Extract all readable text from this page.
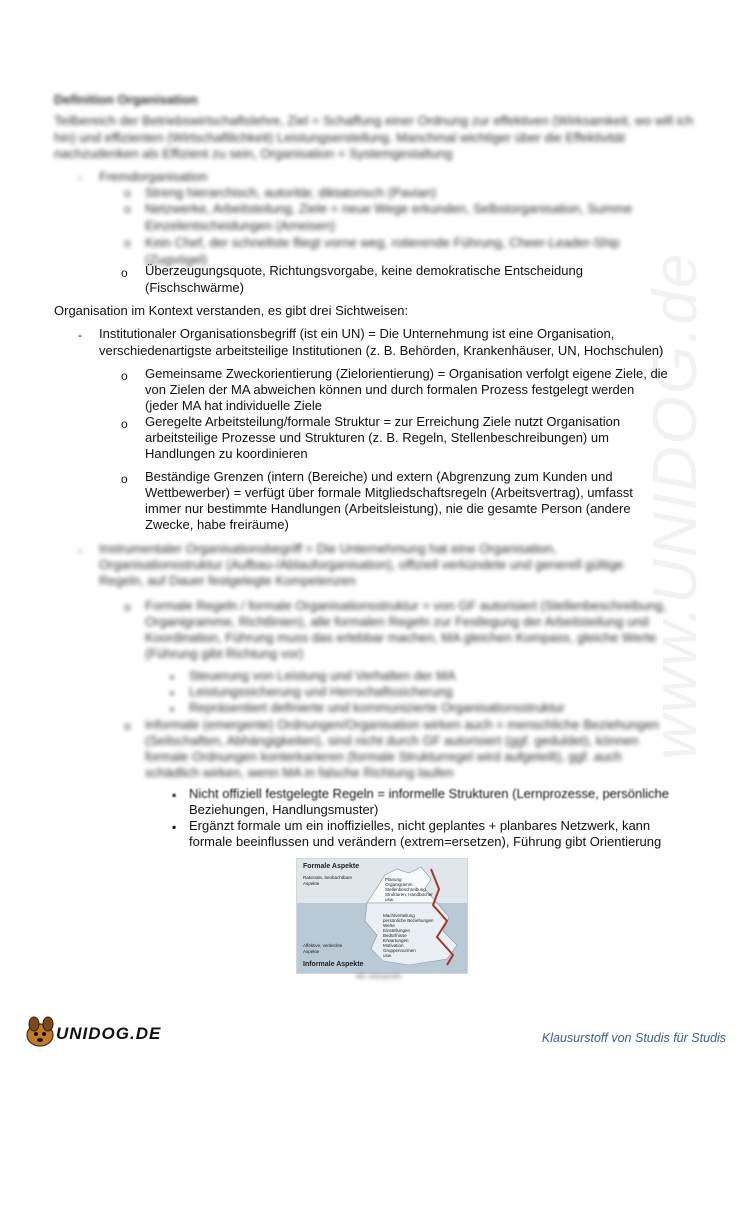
www.UNIDOG.de
Definition Organisation
Teilbereich der Betriebswirtschaftslehre, Ziel = Schaffung einer Ordnung zur effektiven (Wirksamkeit, wo will ich hin) und effizienten (Wirtschaftlichkeit) Leistungserstellung. Manchmal wichtiger über die Effektivität nachzudenken als Effizient zu sein, Organisation = Systemgestaltung
- Fremdorganisation
o Streng hierarchisch, autoritär, diktatorisch (Pavian)
o Netzwerke, Arbeitsteilung, Ziele = neue Wege erkunden, Selbstorganisation, Summe Einzelentscheidungen (Ameisen)
o Kein Chef, der schnellste fliegt vorne weg, rotierende Führung, Cheer-Leader-Ship (Zugvögel)
o Überzeugungsquote, Richtungsvorgabe, keine demokratische Entscheidung
(Fischschwärme)
Organisation im Kontext verstanden, es gibt drei Sichtweisen:
- Institutionaler Organisationsbegriff (ist ein UN) = Die Unternehmung ist eine Organisation,
verschiedenartigste arbeitsteilige Institutionen (z. B. Behörden, Krankenhäuser, UN, Hochschulen)
o Gemeinsame Zweckorientierung (Zielorientierung) = Organisation verfolgt eigene Ziele, die
von Zielen der MA abweichen können und durch formalen Prozess festgelegt werden
(jeder MA hat individuelle Ziele
o Geregelte Arbeitsteilung/formale Struktur = zur Erreichung Ziele nutzt Organisation
arbeitsteilige Prozesse und Strukturen (z. B. Regeln, Stellenbeschreibungen) um
Handlungen zu koordinieren
o Beständige Grenzen (intern (Bereiche) und extern (Abgrenzung zum Kunden und
Wettbewerber) = verfügt über formale Mitgliedschaftsregeln (Arbeitsvertrag), umfasst
immer nur bestimmte Handlungen (Arbeitsleistung), nie die gesamte Person (andere
Zwecke, habe freiräume)
- Instrumentaler Organisationsbegriff = Die Unternehmung hat eine Organisation,
Organisationsstruktur (Aufbau-/Ablauforganisation), offiziell verkündete und generell gültige
Regeln, auf Dauer festgelegte Kompetenzen
o Formale Regeln / formale Organisationsstruktur = von GF autorisiert (Stellenbeschreibung,
Organigramme, Richtlinien), alle formalen Regeln zur Festlegung der Arbeitsteilung und
Koordination, Führung muss das erlebbar machen, MA gleichen Kompass, gleiche Werte
(Führung gibt Richtung vor)
▪ Steuerung von Leistung und Verhalten der MA
▪ Leistungssicherung und Herrschaftssicherung
▪ Repräsentiert definierte und kommunizierte Organisationsstruktur
o Informale (emergente) Ordnungen/Organisation wirken auch = menschliche Beziehungen
(Seilschaften, Abhängigkeiten), sind nicht durch GF autorisiert (ggf. geduldet), können
formale Ordnungen konterkarieren (formale Strukturregel wird aufgeteilt), ggf. auch
schädlich wirken, wenn MA in falsche Richtung laufen
▪ Nicht offiziell festgelegte Regeln = informelle Strukturen (Lernprozesse, persönliche
Beziehungen, Handlungsmuster)
▪ Ergänzt formale um ein inoffizielles, nicht geplantes + planbares Netzwerk, kann
formale beeinflussen und verändern (extrem=ersetzen), Führung gibt Orientierung
Formale Aspekte
Rationale, beobachtbare Aspekte
Planung
Organigramm
Stellenbeschreibung
Strukturen, Handbücher
usw.
Machtverteilung
persönliche Beziehungen
Werte
Einstellungen
Bedürfnisse
Erwartungen
Motivation
Gruppennormen
usw.
Affektive, verdeckte Aspekte
Informale Aspekte
Abb.: Eisbergmodell
UNIDOG.DE	Klausurstoff von Studis für Studis
